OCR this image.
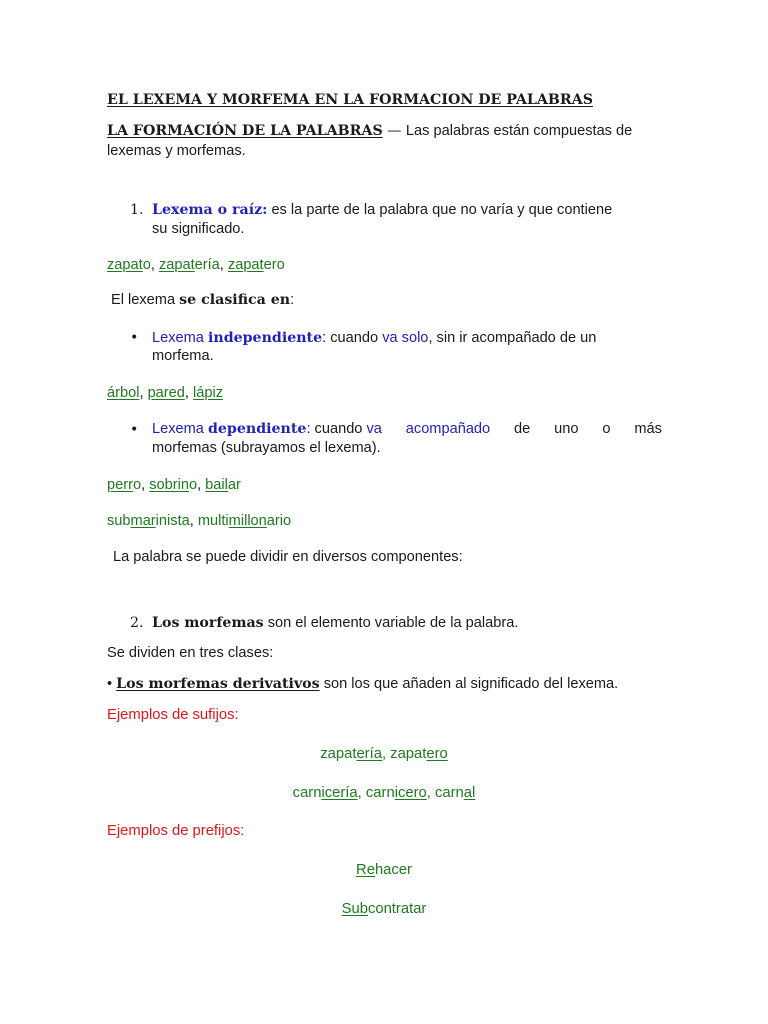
EL LEXEMA Y MORFEMA EN LA FORMACION DE PALABRAS

LA FORMACIÓN DE LA PALABRAS — Las palabras están compuestas de

lexemas y morfemas.

1. Lexema o raíz: es la parte de la palabra que no varía y que contiene

su significado.

zapato, zapatería, zapatero

El lexema se clasifica en:

• Lexema independiente: cuando va solo, sin ir acompañado de un

morfema.

árbol, pared, lápiz

• Lexema dependiente: cuando va acompañado de uno o más

morfemas (subrayamos el lexema).

perro, sobrino, bailar

submarinista, multimillonario

La palabra se puede dividir en diversos componentes:

2. Los morfemas son el elemento variable de la palabra.

Se dividen en tres clases:

• Los morfemas derivativos son los que añaden al significado del lexema.

Ejemplos de sufijos:

zapatería, zapatero

carnicería, carnicero, carnal

Ejemplos de prefijos:

Rehacer

Subcontratar
